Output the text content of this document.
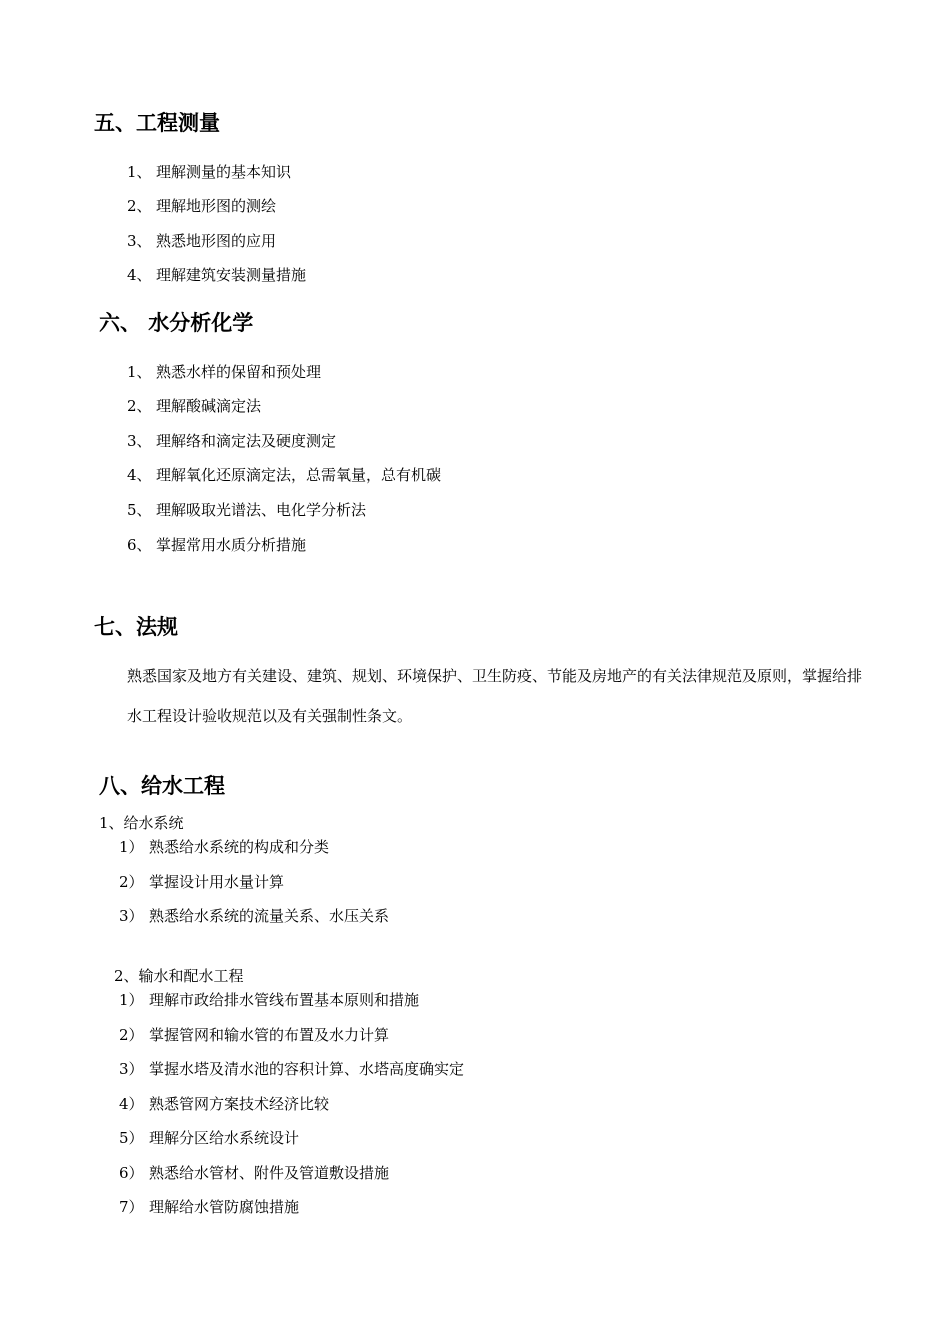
五、工程测量
1、 理解测量的基本知识
2、 理解地形图的测绘
3、 熟悉地形图的应用
4、 理解建筑安装测量措施
六、 水分析化学
1、 熟悉水样的保留和预处理
2、 理解酸碱滴定法
3、 理解络和滴定法及硬度测定
4、 理解氧化还原滴定法，总需氧量，总有机碳
5、 理解吸取光谱法、电化学分析法
6、 掌握常用水质分析措施
七、法规
熟悉国家及地方有关建设、建筑、规划、环境保护、卫生防疫、节能及房地产的有关法律规范及原则，掌握给排水工程设计验收规范以及有关强制性条文。
八、给水工程
1、给水系统
1） 熟悉给水系统的构成和分类
2） 掌握设计用水量计算
3） 熟悉给水系统的流量关系、水压关系
2、输水和配水工程
1） 理解市政给排水管线布置基本原则和措施
2） 掌握管网和输水管的布置及水力计算
3） 掌握水塔及清水池的容积计算、水塔高度确实定
4） 熟悉管网方案技术经济比较
5） 理解分区给水系统设计
6） 熟悉给水管材、附件及管道敷设措施
7） 理解给水管防腐蚀措施
